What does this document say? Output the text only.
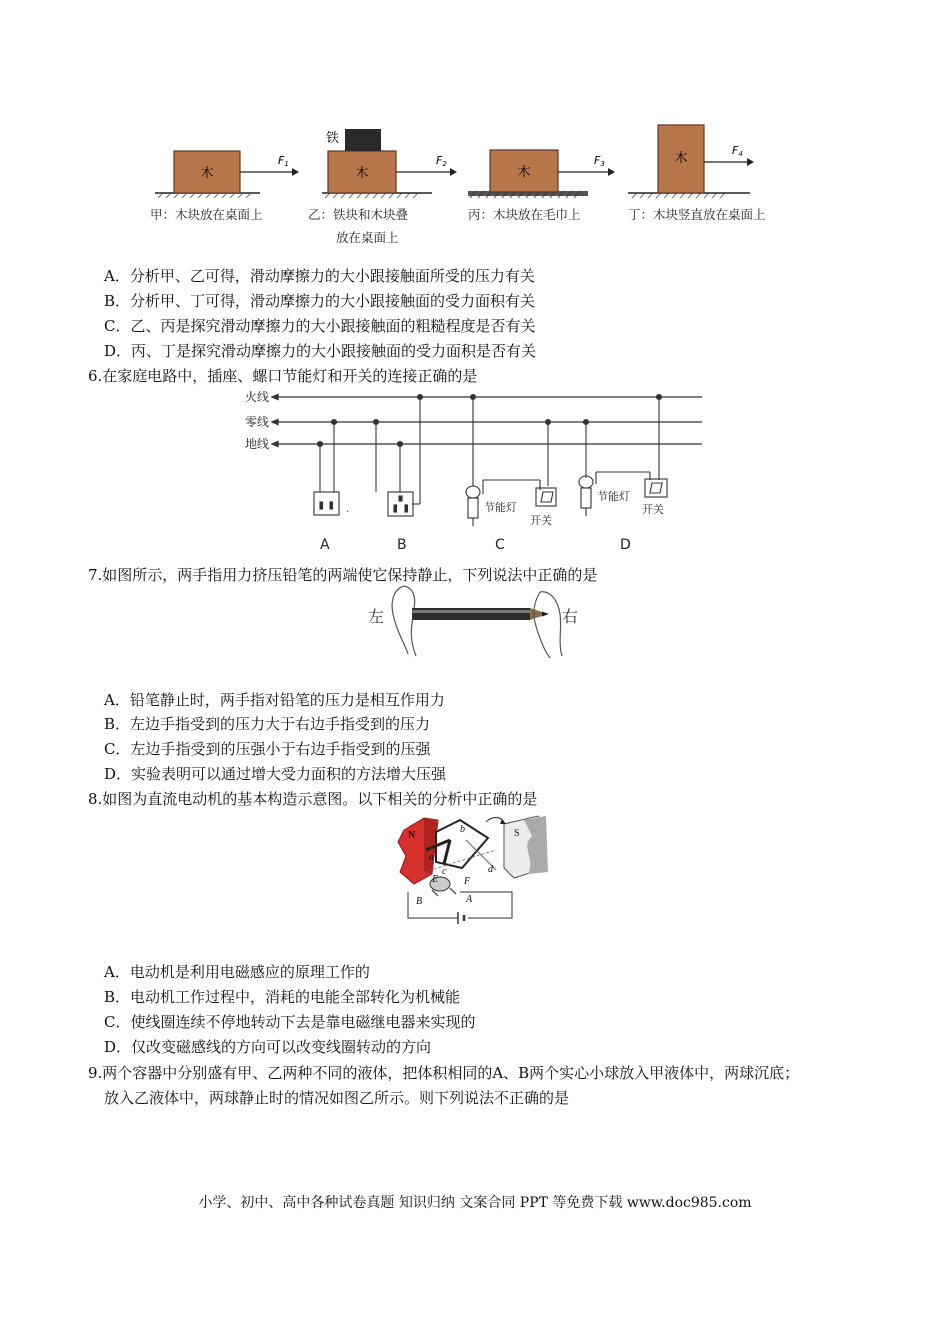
木
F1
铁
木
F2
木
F3	木
F4
甲：木块放在桌面上	乙：铁块和木块叠
放在桌面上
丙：木块放在毛巾上	丁：木块竖直放在桌面上
A．分析甲、乙可得，滑动摩擦力的大小跟接触面所受的压力有关
B．分析甲、丁可得，滑动摩擦力的大小跟接触面的受力面积有关
C．乙、丙是探究滑动摩擦力的大小跟接触面的粗糙程度是否有关
D．丙、丁是探究滑动摩擦力的大小跟接触面的受力面积是否有关
6.在家庭电路中，插座、螺口节能灯和开关的连接正确的是
火线
零线
地线
.	节能灯
开关
节能灯
开关
A	B	C	D
7.如图所示，两手指用力挤压铅笔的两端使它保持静止，下列说法中正确的是
左	右
A．铅笔静止时，两手指对铅笔的压力是相互作用力
B．左边手指受到的压力大于右边手指受到的压力
C．左边手指受到的压强小于右边手指受到的压强
D．实验表明可以通过增大受力面积的方法增大压强
8.如图为直流电动机的基本构造示意图。以下相关的分析中正确的是
N	S
a
b
c	d
E	F
A
B
A．电动机是利用电磁感应的原理工作的
B．电动机工作过程中，消耗的电能全部转化为机械能
C．使线圈连续不停地转动下去是靠电磁继电器来实现的
D．仅改变磁感线的方向可以改变线圈转动的方向
9.两个容器中分别盛有甲、乙两种不同的液体，把体积相同的A、B两个实心小球放入甲液体中，两球沉底；
放入乙液体中，两球静止时的情况如图乙所示。则下列说法不正确的是
小学、初中、高中各种试卷真题 知识归纳 文案合同 PPT 等免费下载 www.doc985.com
